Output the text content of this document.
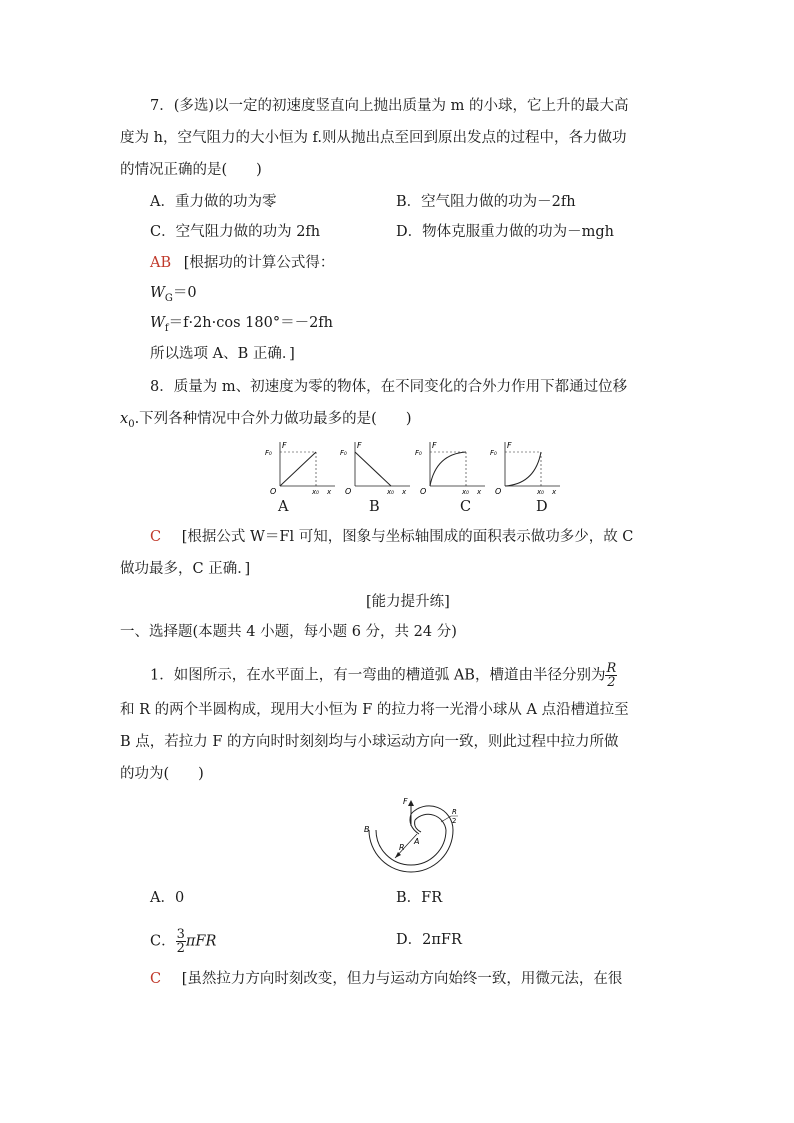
7．(多选)以一定的初速度竖直向上抛出质量为 m 的小球，它上升的最大高
度为 h，空气阻力的大小恒为 f.则从抛出点至回到原出发点的过程中，各力做功
的情况正确的是(　　)
A．重力做的功为零	B．空气阻力做的功为－2fh
C．空气阻力做的功为 2fh	D．物体克服重力做的功为－mgh
AB [根据功的计算公式得：
$W_G=0$
$W_f=f\cdot 2h\cdot\cos$ 180°＝－2fh
所以选项 A、B 正确．]
8．质量为 m、初速度为零的物体，在不同变化的合外力作用下都通过位移
$x_0$.下列各种情况中合外力做功最多的是(　　)
F
F₀
O	x₀ x
F
F₀
O	x₀ x
F
F₀
O	x₀ x
F
F₀
O	x₀ x
A	B	C	D
C [根据公式 W＝Fl 可知，图象与坐标轴围成的面积表示做功多少，故 C
做功最多，C 正确．]
[能力提升练]
一、选择题(本题共 4 小题，每小题 6 分，共 24 分)
1．如图所示，在水平面上，有一弯曲的槽道弧 AB，槽道由半径分别为 $\frac{R}{2}$
和 R 的两个半圆构成，现用大小恒为 F 的拉力将一光滑小球从 A 点沿槽道拉至
B 点，若拉力 F 的方向时时刻刻均与小球运动方向一致，则此过程中拉力所做
的功为(　　)
F
B
A
R
R
2
A．0	B．FR
C． $\frac{3}{2}$ πFR	D．2πFR
C [虽然拉力方向时刻改变，但力与运动方向始终一致，用微元法，在很
